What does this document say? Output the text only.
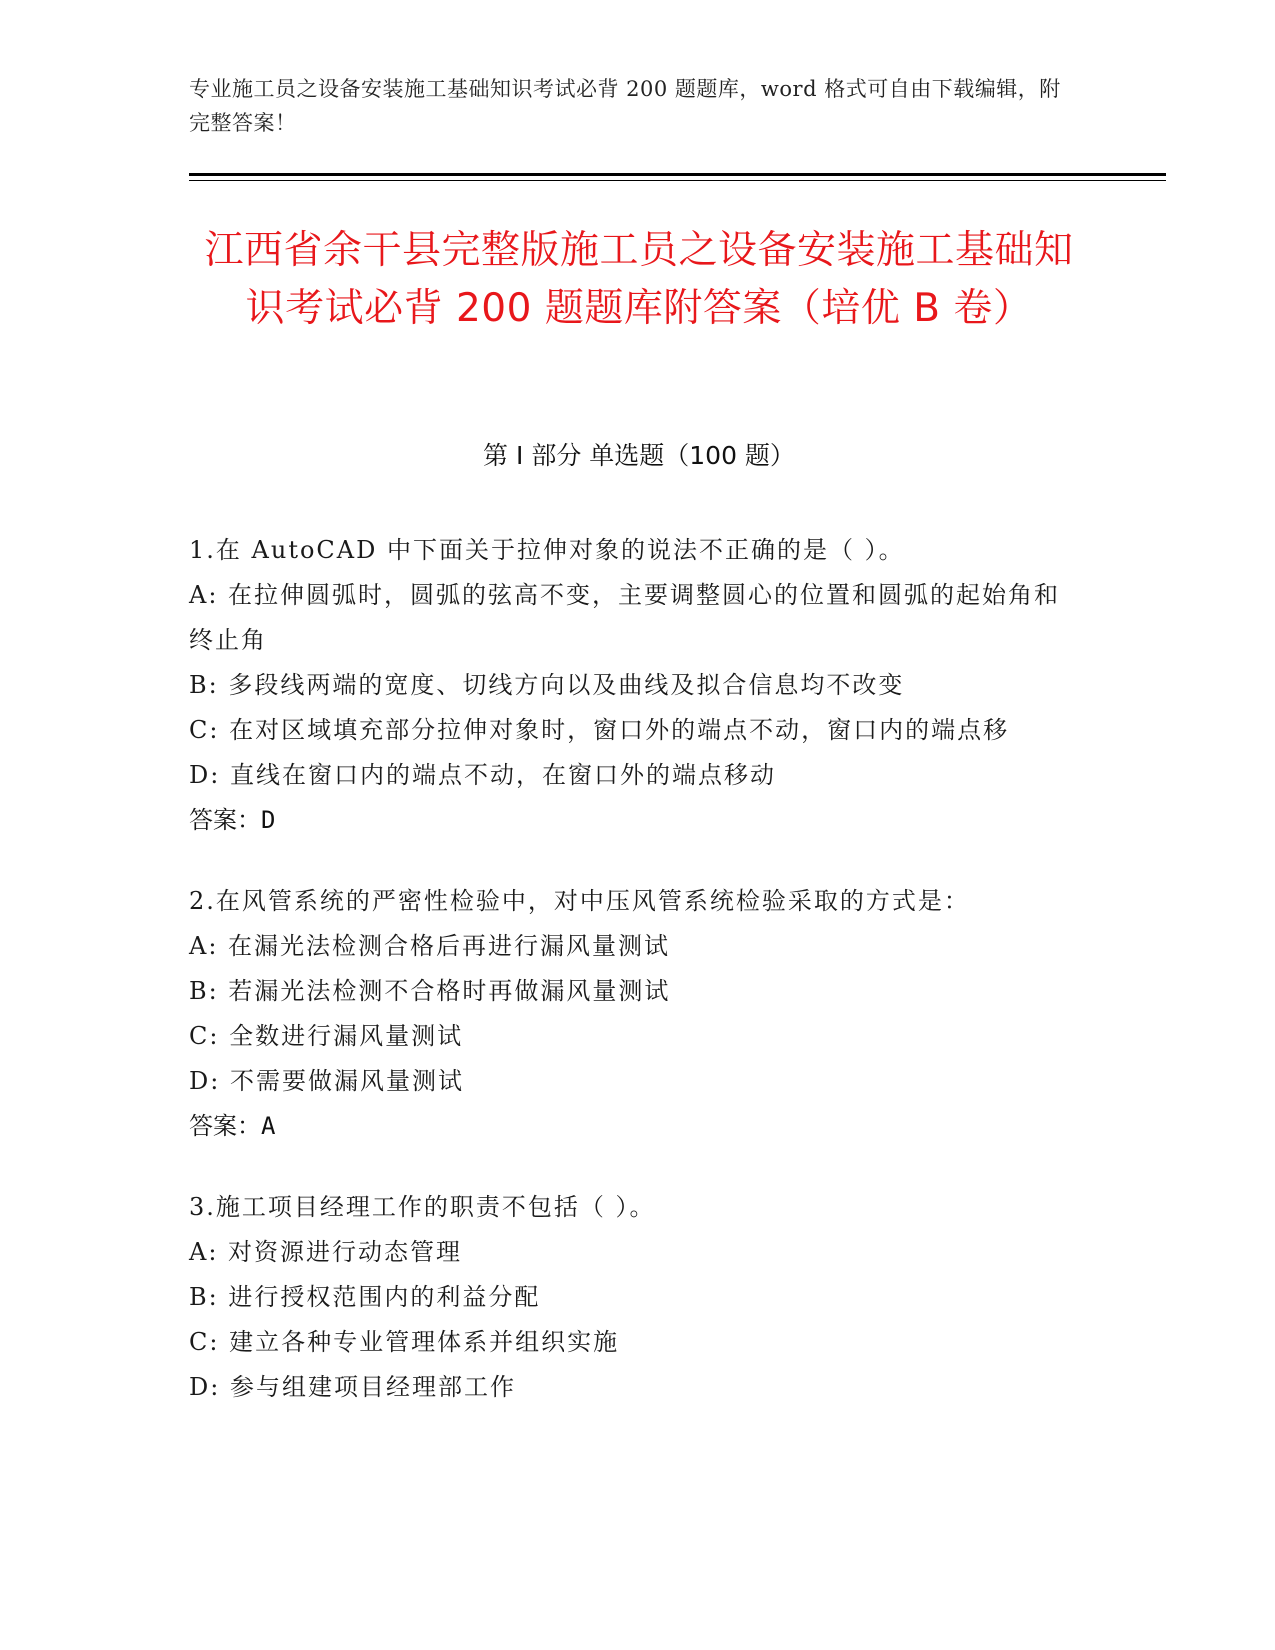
专业施工员之设备安装施工基础知识考试必背 200 题题库，word 格式可自由下载编辑，附完整答案！
江西省余干县完整版施工员之设备安装施工基础知识考试必背 200 题题库附答案（培优 B 卷）
第 I 部分 单选题（100 题）

1.在 AutoCAD 中下面关于拉伸对象的说法不正确的是（ ）。

A: 在拉伸圆弧时，圆弧的弦高不变，主要调整圆心的位置和圆弧的起始角和终止角

B: 多段线两端的宽度、切线方向以及曲线及拟合信息均不改变

C: 在对区域填充部分拉伸对象时，窗口外的端点不动，窗口内的端点移

D: 直线在窗口内的端点不动，在窗口外的端点移动

答案：D

2.在风管系统的严密性检验中，对中压风管系统检验采取的方式是：

A: 在漏光法检测合格后再进行漏风量测试

B: 若漏光法检测不合格时再做漏风量测试

C: 全数进行漏风量测试

D: 不需要做漏风量测试

答案：A

3.施工项目经理工作的职责不包括（ ）。

A: 对资源进行动态管理

B: 进行授权范围内的利益分配

C: 建立各种专业管理体系并组织实施

D: 参与组建项目经理部工作
